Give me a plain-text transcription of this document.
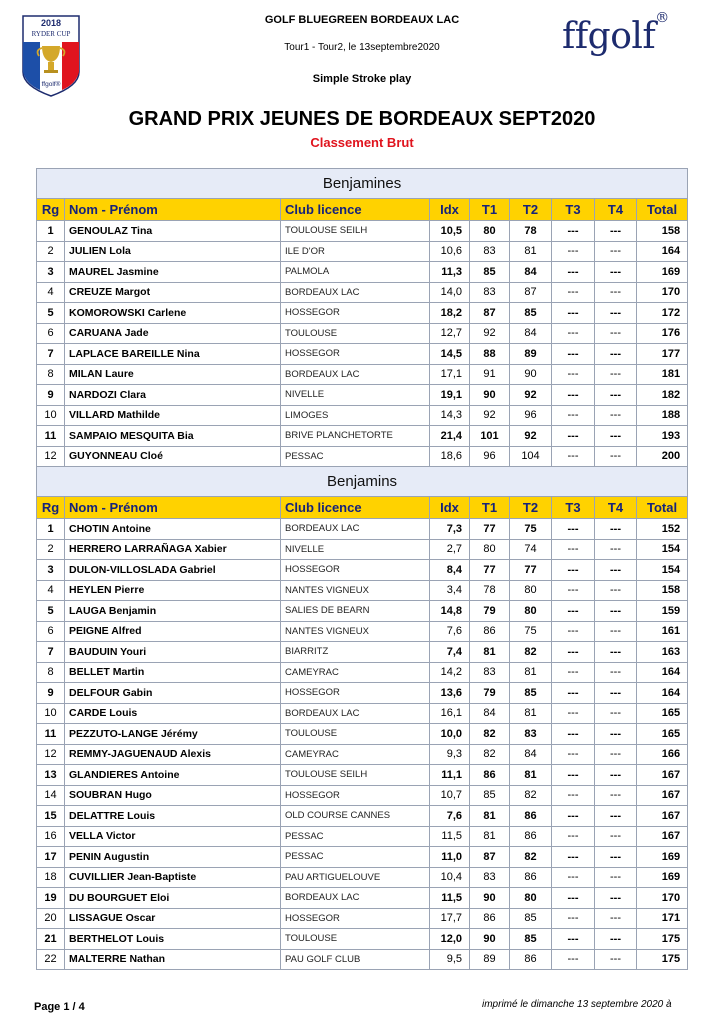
2018
RYDER CUP
ffgolf®
ffgolf®
GOLF BLUEGREEN BORDEAUX LAC
Tour1 - Tour2, le 13septembre2020
Simple Stroke play
GRAND PRIX JEUNES DE BORDEAUX SEPT2020
Classement Brut
Benjamines								
Rg	Nom - Prénom	Club licence	Idx	T1	T2	T3	T4	Total
1	GENOULAZ Tina	TOULOUSE SEILH	10,5	80	78	---	---	158
2	JULIEN Lola	ILE D'OR	10,6	83	81	---	---	164
3	MAUREL Jasmine	PALMOLA	11,3	85	84	---	---	169
4	CREUZE Margot	BORDEAUX LAC	14,0	83	87	---	---	170
5	KOMOROWSKI Carlene	HOSSEGOR	18,2	87	85	---	---	172
6	CARUANA Jade	TOULOUSE	12,7	92	84	---	---	176
7	LAPLACE BAREILLE Nina	HOSSEGOR	14,5	88	89	---	---	177
8	MILAN Laure	BORDEAUX LAC	17,1	91	90	---	---	181
9	NARDOZI Clara	NIVELLE	19,1	90	92	---	---	182
10	VILLARD Mathilde	LIMOGES	14,3	92	96	---	---	188
11	SAMPAIO MESQUITA Bia	BRIVE PLANCHETORTE	21,4	101	92	---	---	193
12	GUYONNEAU Cloé	PESSAC	18,6	96	104	---	---	200
Benjamins								
Rg	Nom - Prénom	Club licence	Idx	T1	T2	T3	T4	Total
1	CHOTIN Antoine	BORDEAUX LAC	7,3	77	75	---	---	152
2	HERRERO LARRAÑAGA Xabier	NIVELLE	2,7	80	74	---	---	154
3	DULON-VILLOSLADA Gabriel	HOSSEGOR	8,4	77	77	---	---	154
4	HEYLEN Pierre	NANTES VIGNEUX	3,4	78	80	---	---	158
5	LAUGA Benjamin	SALIES DE BEARN	14,8	79	80	---	---	159
6	PEIGNE Alfred	NANTES VIGNEUX	7,6	86	75	---	---	161
7	BAUDUIN Youri	BIARRITZ	7,4	81	82	---	---	163
8	BELLET Martin	CAMEYRAC	14,2	83	81	---	---	164
9	DELFOUR Gabin	HOSSEGOR	13,6	79	85	---	---	164
10	CARDE Louis	BORDEAUX LAC	16,1	84	81	---	---	165
11	PEZZUTO-LANGE Jérémy	TOULOUSE	10,0	82	83	---	---	165
12	REMMY-JAGUENAUD Alexis	CAMEYRAC	9,3	82	84	---	---	166
13	GLANDIERES Antoine	TOULOUSE SEILH	11,1	86	81	---	---	167
14	SOUBRAN Hugo	HOSSEGOR	10,7	85	82	---	---	167
15	DELATTRE Louis	OLD COURSE CANNES	7,6	81	86	---	---	167
16	VELLA Victor	PESSAC	11,5	81	86	---	---	167
17	PENIN Augustin	PESSAC	11,0	87	82	---	---	169
18	CUVILLIER Jean-Baptiste	PAU ARTIGUELOUVE	10,4	83	86	---	---	169
19	DU BOURGUET Eloi	BORDEAUX LAC	11,5	90	80	---	---	170
20	LISSAGUE Oscar	HOSSEGOR	17,7	86	85	---	---	171
21	BERTHELOT Louis	TOULOUSE	12,0	90	85	---	---	175
22	MALTERRE Nathan	PAU GOLF CLUB	9,5	89	86	---	---	175
Page 1 / 4	imprimé le dimanche 13 septembre 2020 à
